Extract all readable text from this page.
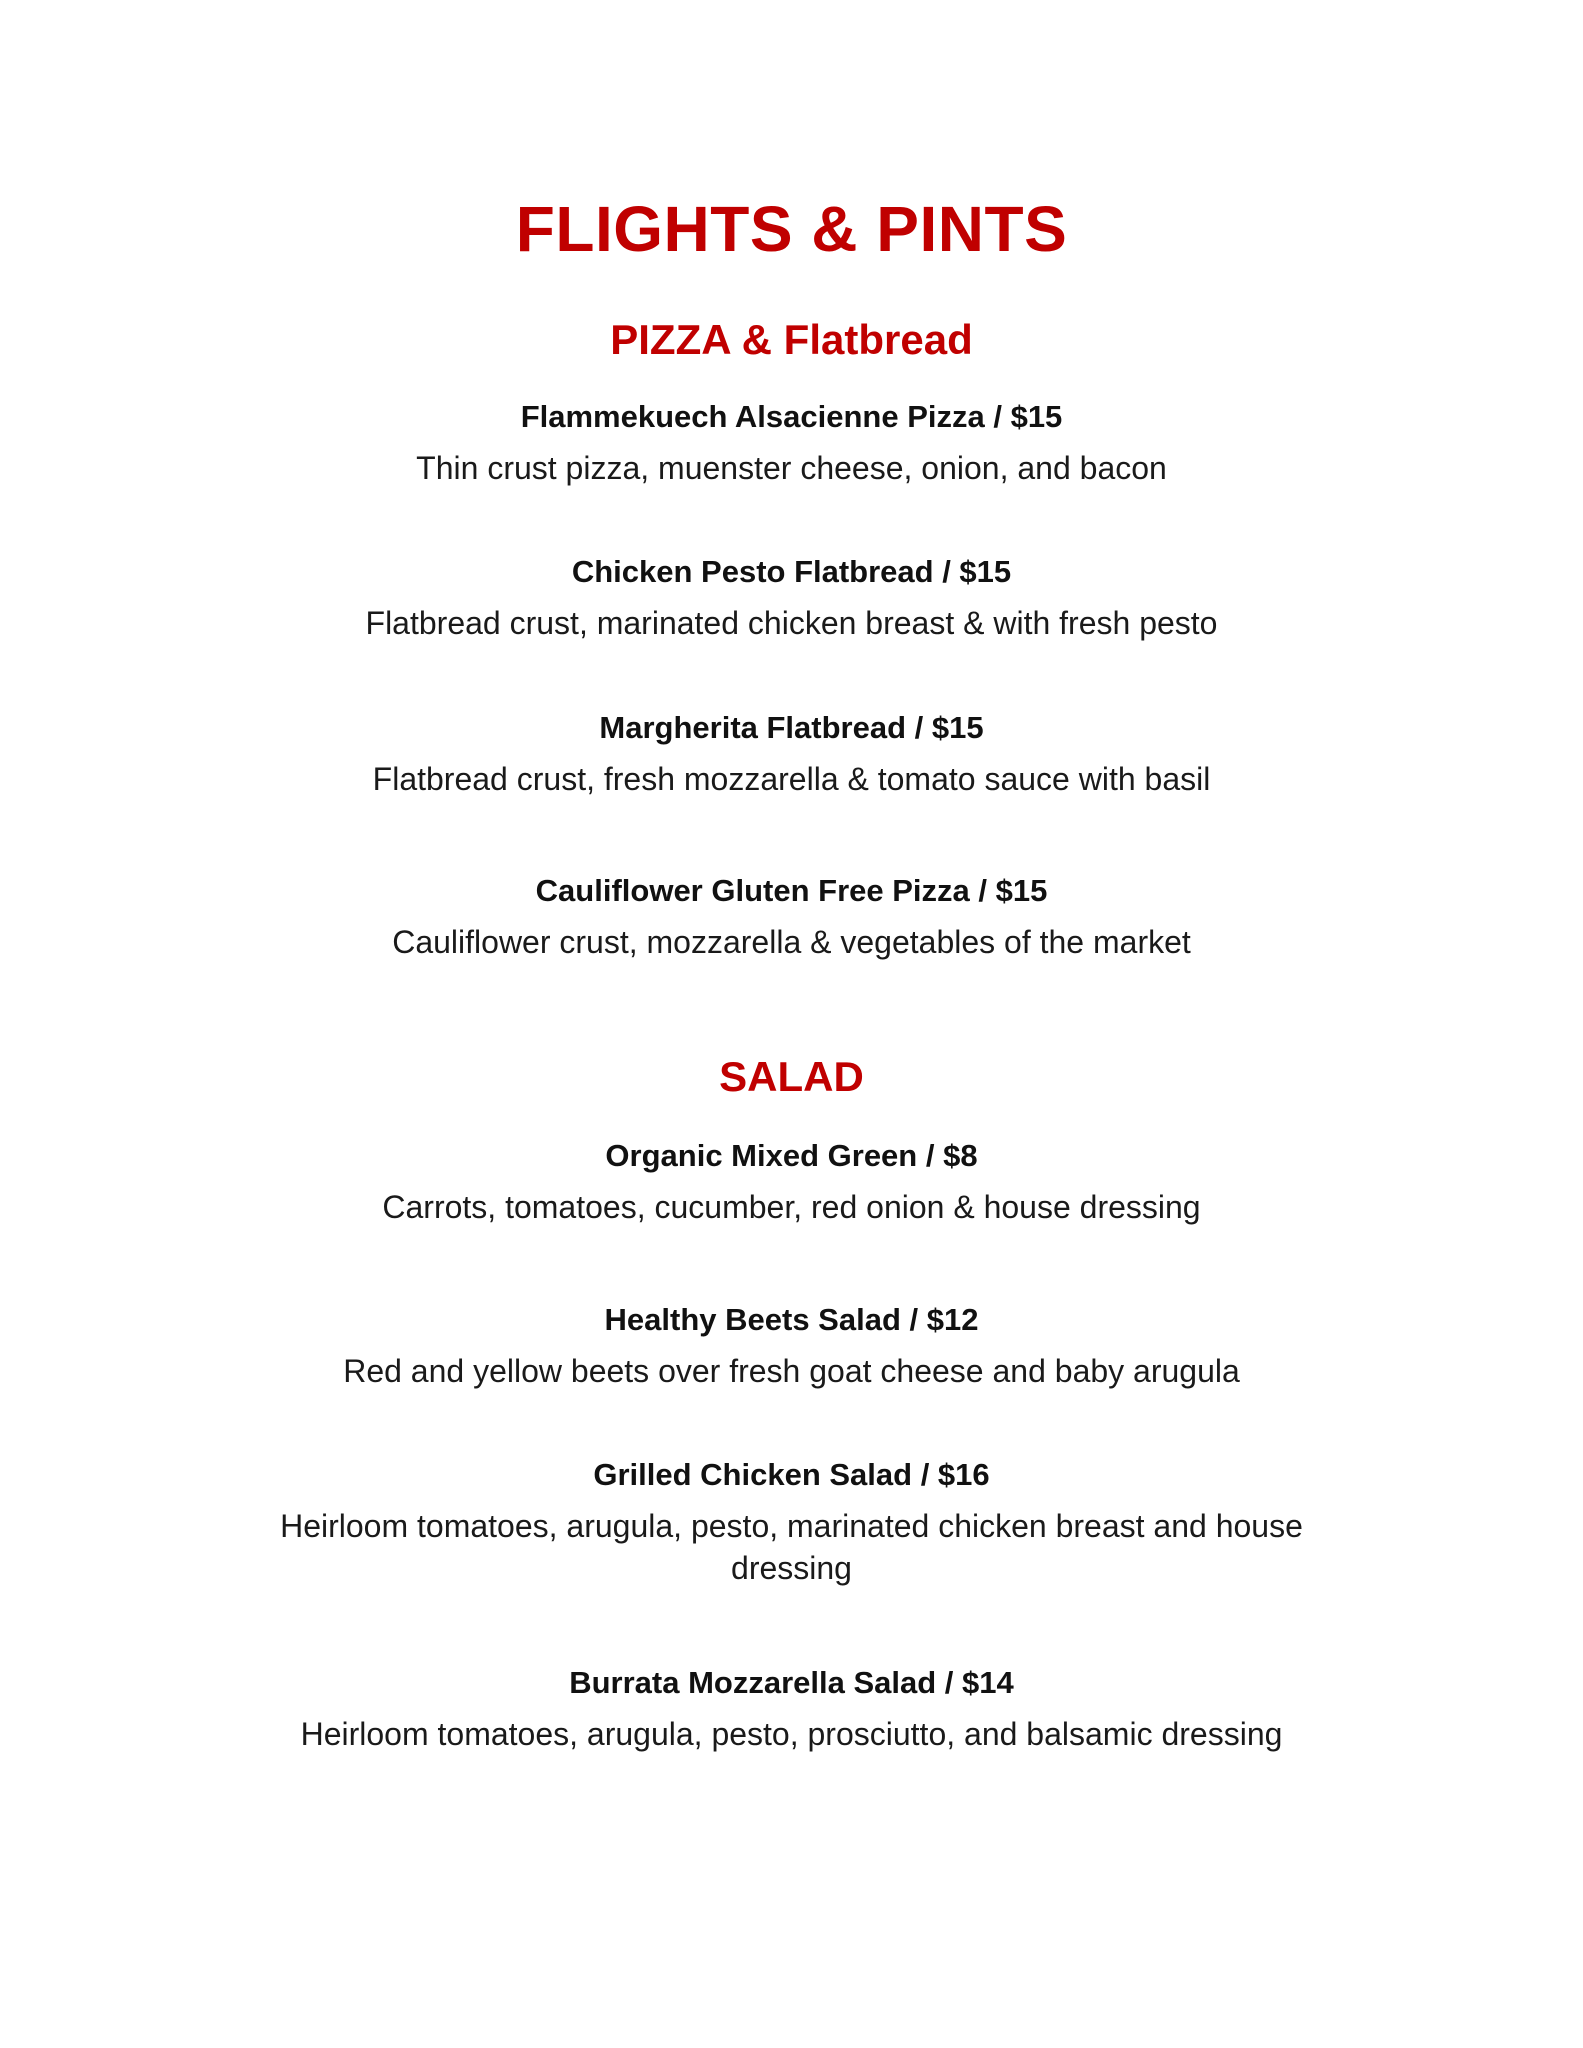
FLIGHTS & PINTS
PIZZA & Flatbread
Flammekuech Alsacienne Pizza / $15
Thin crust pizza, muenster cheese, onion, and bacon
Chicken Pesto Flatbread / $15
Flatbread crust, marinated chicken breast & with fresh pesto
Margherita Flatbread / $15
Flatbread crust, fresh mozzarella & tomato sauce with basil
Cauliflower Gluten Free Pizza / $15
Cauliflower crust, mozzarella & vegetables of the market
SALAD
Organic Mixed Green / $8
Carrots, tomatoes, cucumber, red onion & house dressing
Healthy Beets Salad / $12
Red and yellow beets over fresh goat cheese and baby arugula
Grilled Chicken Salad / $16
Heirloom tomatoes, arugula, pesto, marinated chicken breast and house
dressing
Burrata Mozzarella Salad / $14
Heirloom tomatoes, arugula, pesto, prosciutto, and balsamic dressing
